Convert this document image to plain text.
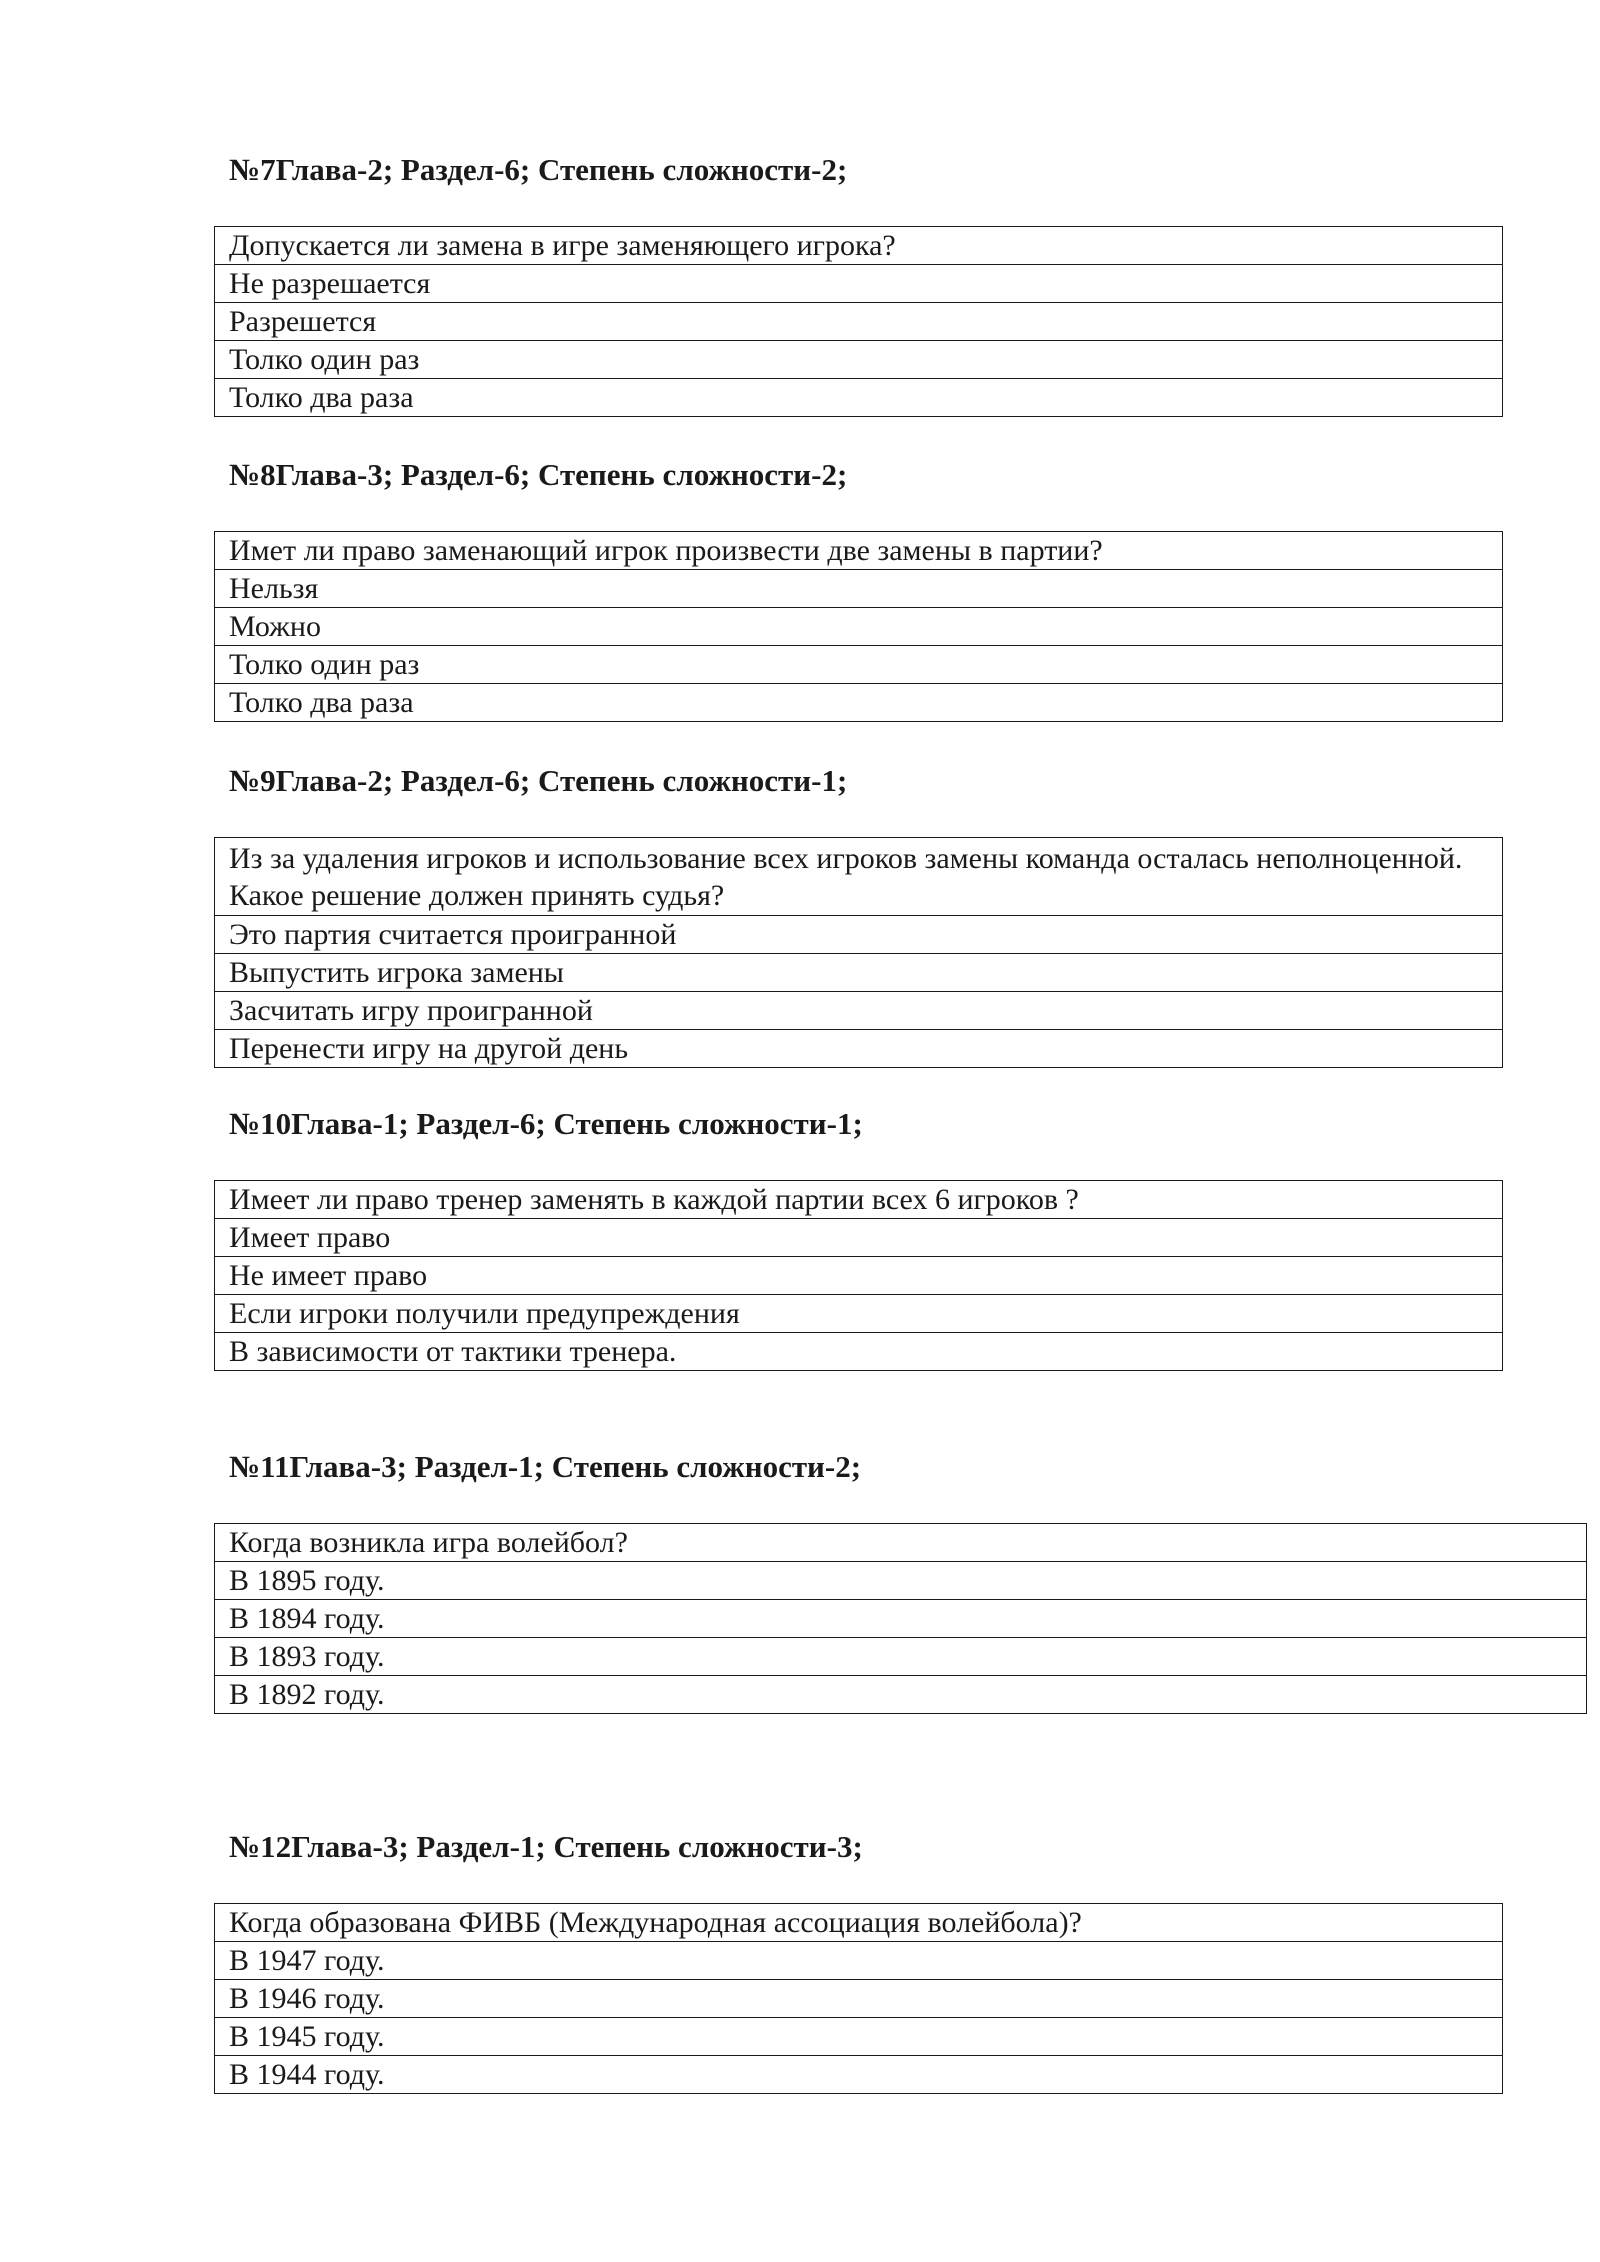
№7Глава-2; Раздел-6; Степень сложности-2;
Допускается ли замена в игре заменяющего игрока?
Не разрешается
Разрешется
Толко один раз
Толко два раза
№8Глава-3; Раздел-6; Степень сложности-2;
Имет ли право заменающий игрок произвести две замены в партии?
Нельзя
Можно
Толко один раз
Толко два раза
№9Глава-2; Раздел-6; Степень сложности-1;
Из за удаления игроков и использование всех игроков замены команда осталась неполноценной. Какое решение должен принять судья?
Это партия считается проигранной
Выпустить игрока замены
Засчитать игру проигранной
Перенести игру на другой день
№10Глава-1; Раздел-6; Степень сложности-1;
Имеет ли право тренер заменять в каждой партии всех 6 игроков ?
Имеет право
Не имеет право
Если игроки получили предупреждения
В зависимости от тактики тренера.
№11Глава-3; Раздел-1; Степень сложности-2;
Когда возникла игра волейбол?
В 1895 году.
В 1894 году.
В 1893 году.
В 1892 году.
№12Глава-3; Раздел-1; Степень сложности-3;
Когда образована ФИВБ (Международная ассоциация волейбола)?
В 1947 году.
В 1946 году.
В 1945 году.
В 1944 году.
